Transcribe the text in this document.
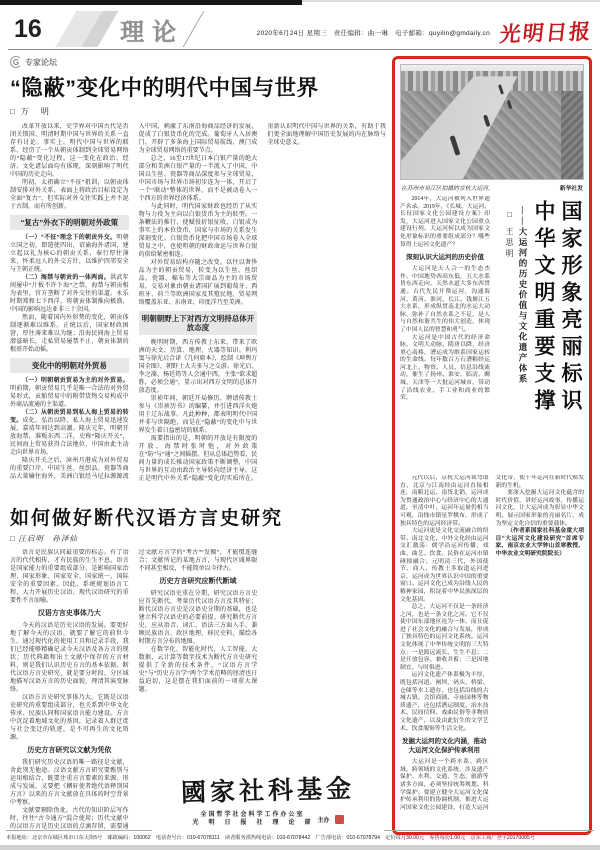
16	理论	2020年6月24日 星期三　责任编辑：曲一琳　电子邮箱：quyilin@gmdaily.cn 光明日报
G 专家论坛
“隐蔽”变化中的明代中国与世界
□ 万　明

改革开放以来，史学界对中国古代是否闭关锁国、明清时期中国与世界的关系一直存有讨论。事实上，明代中国与世界的联系，经历了一个从朝贡体制到全球贸易网络的“隐蔽”变化过程。这一变化在政治、经济、文化诸层面均有体现，深刻影响了明代中国的历史走向。

明初，太祖确立“不征”祖训，以朝贡体制安排对外关系，表面上将政治目标设定为全面“复古”，但实际对外交往实践上并不泥于古制，而有所创新。

“复古”外衣下的明朝对外政策

（一）“不征”理念下的朝贡外交。明朝立国之初，即遣使四出，诏谕海外诸国，建立起以礼为核心的朝贡关系，奉行厚往薄来、怀柔远人的外交方针，以维护四邻安全与王朝正统。

（二）海禁与朝贡的一体两面。洪武年间屡申“片板不许下海”之禁，海禁与朝贡相为表里，官方垄断了对外交往的渠道。永乐时期郑和七下西洋，将朝贡体制推向极盛，中国的影响远达亚非三十余国。

然而，随着国内外形势的变化，朝贡体制逐渐难以维系。正统以后，国家财政困窘，厚往薄来难以为继；沿海民间海上贸易潜滋暗长，走私贸易屡禁不止，朝贡体制的根基开始动摇。

变化中的明朝对外贸易

（一）明朝朝贡贸易为主的对外贸易。明前期，朝贡贸易几乎是唯一合法的对外贸易形式，贡舶贸易中的附带货物交易构成中外商品流通的主渠道。

（二）从朝贡贸易到私人海上贸易的转变。成化、弘治以降，私人海上贸易迅速发展，嘉靖年间达到高潮。隆庆元年，明朝开放海禁，准贩东西二洋，史称“隆庆开关”，民间海上贸易获得合法地位，中国由此主动走向世界市场。

隆庆开关之后，漳州月港成为对外贸易的重要口岸，中国生丝、丝织品、瓷器等商品大量输往海外，美洲白银经马尼拉源源流入中国，刺激了东南沿海商品经济的发展，促成了白银货币化的完成。葡萄牙人入居澳门，开辟了多条海上国际贸易航线，澳门成为全球贸易网络的重要节点。

总之，16至17世纪日本白银产量的绝大部分和美洲白银产量的一半流入了中国，中国以生丝、瓷器等商品深度参与全球贸易，中国市场与世界市场初步连为一体，开启了一个“联动”整体的世界，而不是被动卷入一个西方的世界经济体系。

与此同时，明代国家财政也经历了从实物与力役为主向以白银货币为主的转型。一条鞭法的推行，使赋役折银征收，白银成为事实上的本位货币，国家与市场的关系发生深刻变化。白银货币化把中国市场卷入全球贸易之中，也使明朝的财政命运与世界白银的供给紧密相连。

对外贸易结构亦随之改变。以往以奢侈品为主的朝贡贸易，转变为以生丝、丝织品、瓷器、棉布等大宗商品为主的市场贸易，交易对象由朝贡诸国扩展到葡萄牙、西班牙、荷兰等欧洲国家及其殖民地，贸易网络覆盖东亚、东南亚、印度洋乃至美洲。

明朝朝野上下对西方文明持总体开放态度

晚明时期，西方传教士东来，带来了欧洲的天文、历算、地理、火器等知识。利玛窦与徐光启合译《几何原本》，绘制《坤舆万国全图》，朝野士大夫多与之交游。徐光启、李之藻、杨廷筠等人会通中西，主张“欲求超胜，必须会通”，显示出对西方文明的总体开放态度。

崇祯年间，朝廷开局修历，聘请传教士参与《崇祯历书》的编纂，并引进西洋火炮用于辽东战事。凡此种种，都表明明代中国并非与世隔绝，而是在“隐蔽”的变化中与世界发生着日益密切的联系。

需要指出的是，明朝的开放是有限度的开放，海禁时张时弛，对外政策在“防”与“通”之间摇摆。但从总体趋势看，民间力量的成长推动国家政策不断调整，中国与世界的互动由政治主导转向经济主导，这正是明代中外关系“隐蔽”变化的实质所在。重新认识明代中国与世界的关系，有助于我们更全面地理解中国历史发展的内在脉络与全球史意义。

如何做好断代汉语方言史研究
□ 汪启明　孙泽仙

语言是民族认同最重要的标志。有了语言的代代相传，才有民族的生生不息。语言是国家能力的重要组成部分，是影响国家治理、国家形象、国家安全、国家统一、国际安全的重要因素。因此，系统规划语言工程，大力开展历史汉语、现代汉语研究的重要性不言而喻。

汉语方言史事体乃大

今天的汉语是历史汉语的发展。要更好地了解今天的汉语，就要了解它的前世今生。通过现代化的使用工具和记录手段，我们已经能够精确记录今天汉语及各方言的现状；历代典籍和出土文献中保存的方言材料，则是我们认识历史方言的基本依据。断代汉语方言史研究，就是要分时段、分区域地描写汉语方言的历史面貌，理清其演变脉络。

汉语方言史研究事体乃大。它既是汉语史研究的重要组成部分，也关系到中华文化传承、民族认同和国家语言能力建设。方言中沉淀着地域文化的基因，记录着人群迁徙与社会变迁的轨迹，是不可再生的文化资源。

历史方言研究以文献为凭依

我们研究历史汉语的唯一路径是文献，舍此别无他途。汉语文献方言研究要甄别与运用相结合，既要注重方言要素的来源、形成与发展，又要把《輶轩使者绝代语释别国方言》以来的方言文献放在具体的时空背景中考察。

文献要剔除伪讹。古代的知识阶层写作时，往往“古今通方”混合使用；历代文献中的汉语方言是历史汉语的点滴存留，需要通过文献方言学的“考古”“发掘”，才能缀连缝合；文献所记的某地方言，与现代区域界限不同甚至相反，不能简单以今律古。

历史方言研究应断代断域

研究汉语史重在分期，研究汉语方言史应首先断代，考量历代汉语方言及其特征；断代汉语方言史是汉语史分期的基础，也是建立科学汉语史的必要前提。研究断代方言史，应从语音、词汇、语法三方面入手，兼顾民族语言、政区地理、移民史料，描绘各时期方言分布的地图。

在数字化、智能化时代，人工智能、大数据、云计算等数字技术为断代方言史研究提供了全新的技术条件，“汉语方言学史”与“历史方言学”两个学术范畴的厘清也日益迫切，这是摆在我们面前的一项重大课题。

國家社科基金
全国哲学社会科学工作办公室
光　明　日　报　社　理　论　部 主办
在苏州市吴江区拍摄的京杭大运河。	新华社发

2014年，大运河被列入世界遗产名录。2019年，《长城、大运河、长征国家文化公园建设方案》印发，大运河进入国家文化公园重点建设行列。大运河何以成为国家文化形象标识的重要组成部分？哪些算得上运河文化遗产？

深刻认识大运河的历史价值

大运河是天人合一的生态杰作。中国地势西高东低，五大水系皆东西走向，天然水道大多东西贯通。古代先民开凿运河，沟通海河、黄河、淮河、长江、钱塘江五大水系，形成纵贯南北的水运大动脉，弥补了自然水系之不足，是人与自然和谐共生的伟大创造，体现了中国人民的智慧和勇气。

大运河是中国古代的经济命脉、文明大动脉。隋唐以降，经济重心南移，漕运成为维系国家运转的生命线。每年数百万石漕粮经运河北上，物资、人员、信息沿线流动，催生了扬州、淮安、临清、聊城、天津等一大批运河城市，带动了沿线农业、手工业和商业的繁荣。	国家形象亮丽标识
中华文明重要支撑
——大运河的历史价值与文化遗产体系
□ 王思明

元代以后，京杭大运河裁弯取直，北京与江南经由运河直接相连，南粮北运、南货北销，运河成为贯通政治中心与经济中心的大通道。至清中叶，运河年运量仍相当可观，沿线市镇星罗棋布，形成了独具特色的运河经济带。

大运河更是文化交流融合的纽带。南北文化、中外文化经由运河交汇激荡：儒学沿运河传播，戏曲、曲艺、饮食、民俗在运河市镇碰撞融合；元明清三代，外国使节、商人、传教士多取道运河进京，运河成为世界认识中国的重要窗口。运河文化已成为沿线人民的精神家园，积淀着中华民族深层的文化基因。

总之，大运河不仅是一条经济之河，也是一条文化之河。它不仅使中国东部地区连为一体，而且促进了社会文化的融合与发展，形成了独具特色的运河文化系统。运河文化体现了中华传统文明的三大特点：一是源远流长、生生不息；二是开放包容、兼收并蓄；三是因地制宜、与时俱进。

运河文化遗产体系极为丰厚，既包括河道、闸坝、码头、桥梁、仓储等水工遗存，也包括沿线的古城古镇、会馆商铺、寺庙园林等物质遗产，还包括漕运制度、治水技术、民间信仰、戏曲民俗等非物质文化遗产，以及由此衍生的文学艺术、饮食服饰等生活文化。

发掘大运河的文化内涵，推动大运河文化保护传承利用

大运河是一个跨水系、跨区域、跨领域的文化系统，涉及遗产保护、水利、交通、生态、旅游等诸多方面，必须坚持统筹规划、科学保护。要建立健全大运河文化保护传承利用的协调机制，推进大运河国家文化公园建设，打造大运河文化带，使千年运河在新时代焕发新的生机。

要深入挖掘大运河文化蕴含的时代价值，讲好运河故事，传播运河文化，让大运河成为彰显中华文明、展示国家形象的亮丽名片，成为坚定文化自信的重要载体。

（作者系国家社科基金重大项目“大运河文化建设研究”首席专家、南京农业大学钟山首席教授、中华农业文明研究院院长）

本报地址：北京市东城区珠市口东大街5号　邮政编码：100062　电话查号台：010-67078111　读者服务部热线电话：010-67078442　广告部电话：010-67078794　定价每月30.00元　零售每份1.00元　京东工商广登字20170085号
